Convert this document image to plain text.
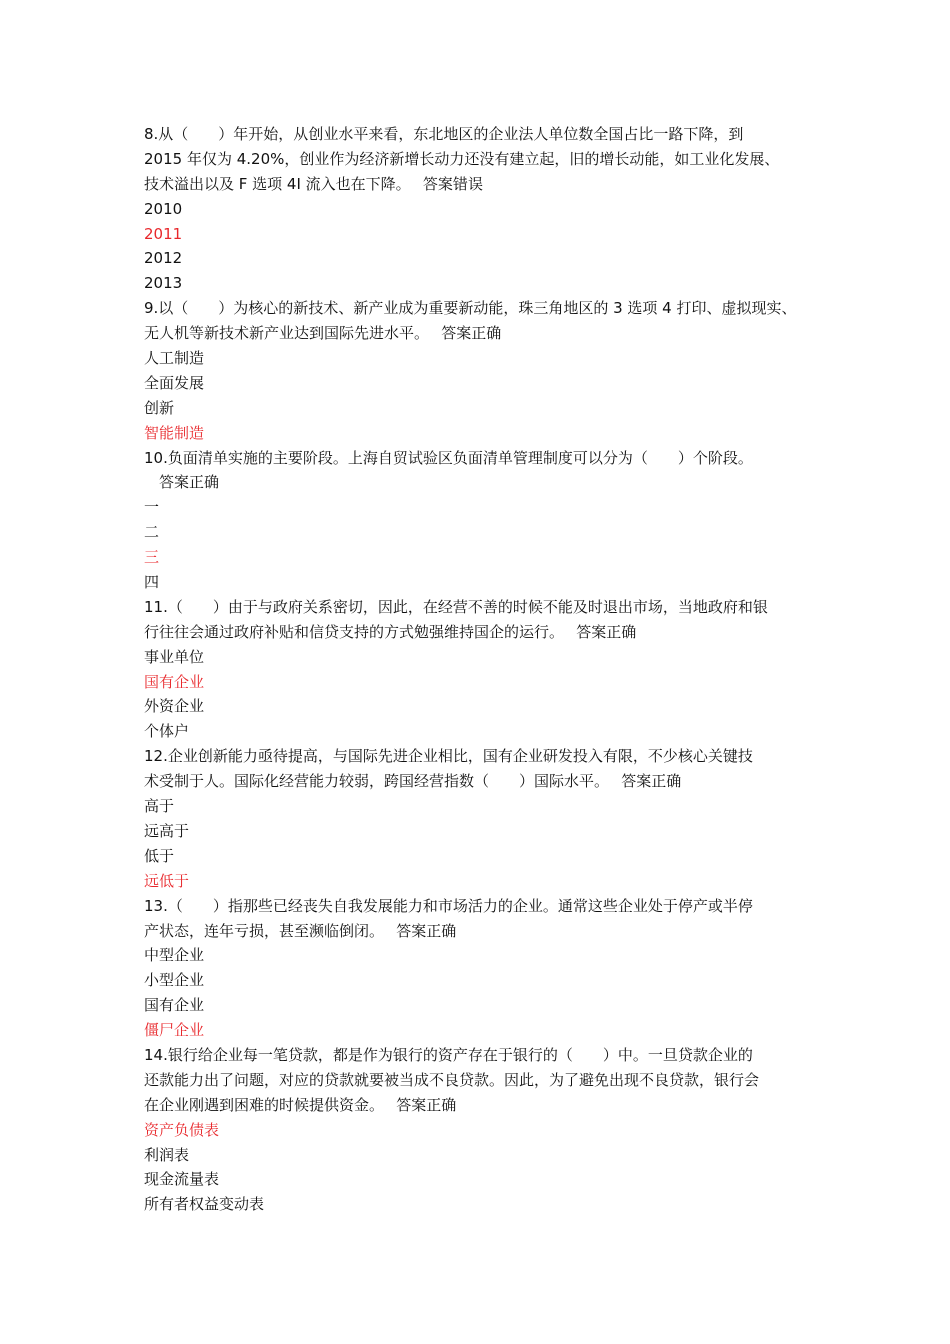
8.从（　　）年开始，从创业水平来看，东北地区的企业法人单位数全国占比一路下降，到
2015 年仅为 4.20%，创业作为经济新增长动力还没有建立起，旧的增长动能，如工业化发展、
技术溢出以及 F 选项 4I 流入也在下降。　 答案错误
2010
2011
2012
2013
9.以（　　）为核心的新技术、新产业成为重要新动能，珠三角地区的 3 选项 4 打印、虚拟现实、
无人机等新技术新产业达到国际先进水平。　 答案正确
人工制造
全面发展
创新
智能制造
10.负面清单实施的主要阶段。上海自贸试验区负面清单管理制度可以分为（　　）个阶段。
　答案正确
一
二
三
四
11.（　　）由于与政府关系密切，因此，在经营不善的时候不能及时退出市场，当地政府和银
行往往会通过政府补贴和信贷支持的方式勉强维持国企的运行。　 答案正确
事业单位
国有企业
外资企业
个体户
12.企业创新能力亟待提高，与国际先进企业相比，国有企业研发投入有限，不少核心关键技
术受制于人。国际化经营能力较弱，跨国经营指数（　　）国际水平。　 答案正确
高于
远高于
低于
远低于
13.（　　）指那些已经丧失自我发展能力和市场活力的企业。通常这些企业处于停产或半停
产状态，连年亏损，甚至濒临倒闭。　 答案正确
中型企业
小型企业
国有企业
僵尸企业
14.银行给企业每一笔贷款，都是作为银行的资产存在于银行的（　　）中。一旦贷款企业的
还款能力出了问题，对应的贷款就要被当成不良贷款。因此，为了避免出现不良贷款，银行会
在企业刚遇到困难的时候提供资金。　 答案正确
资产负债表
利润表
现金流量表
所有者权益变动表
